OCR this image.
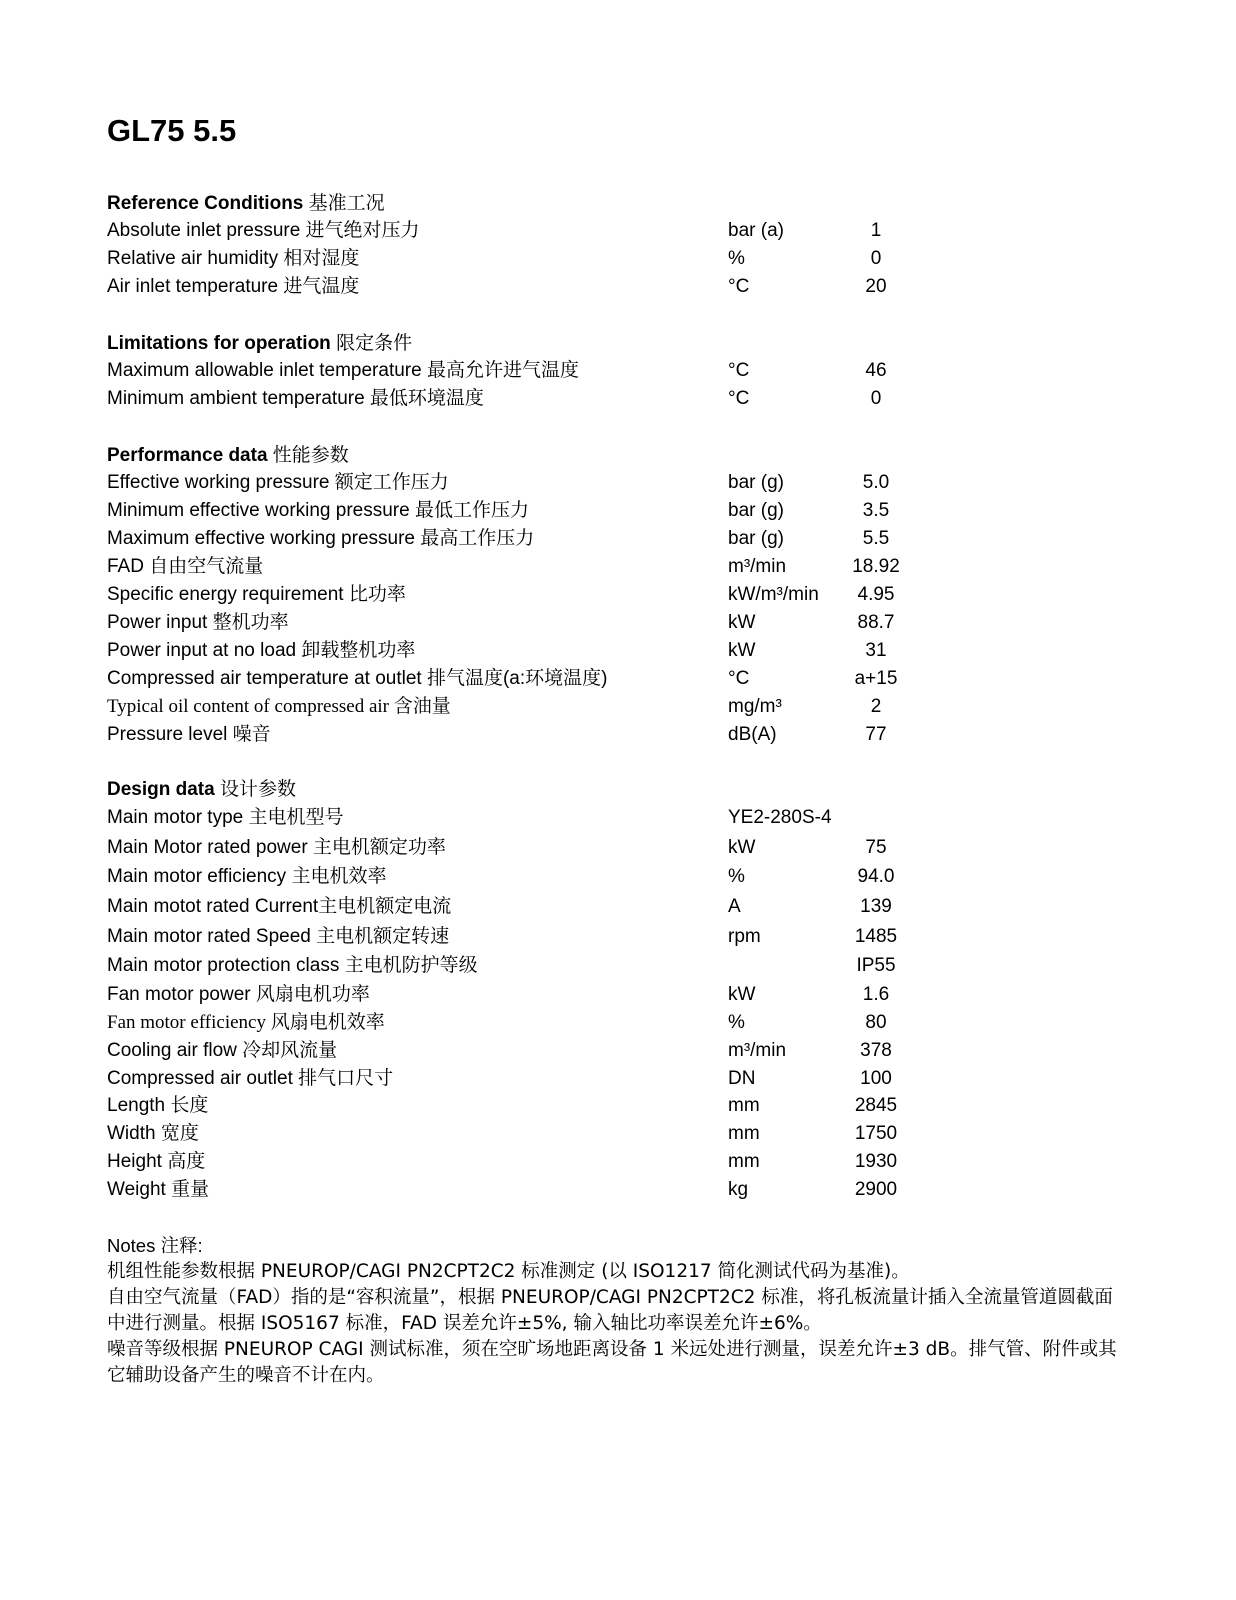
GL75 5.5
Reference Conditions 基准工况
Absolute inlet pressure 进气绝对压力	bar (a)	1
Relative air humidity 相对湿度	%	0
Air inlet temperature 进气温度	°C	20
Limitations for operation 限定条件
Maximum allowable inlet temperature 最高允许进气温度	°C	46
Minimum ambient temperature 最低环境温度	°C	0
Performance data 性能参数
Effective working pressure 额定工作压力	bar (g)	5.0
Minimum effective working pressure 最低工作压力	bar (g)	3.5
Maximum effective working pressure 最高工作压力	bar (g)	5.5
FAD 自由空气流量	m³/min	18.92
Specific energy requirement 比功率	kW/m³/min	4.95
Power input 整机功率	kW	88.7
Power input at no load 卸载整机功率	kW	31
Compressed air temperature at outlet 排气温度(a:环境温度)	°C	a+15
Typical oil content of compressed air 含油量	mg/m³	2
Pressure level 噪音	dB(A)	77
Design data 设计参数
Main motor type 主电机型号	YE2-280S-4
Main Motor rated power 主电机额定功率	kW	75
Main motor efficiency 主电机效率	%	94.0
Main motot rated Current主电机额定电流	A	139
Main motor rated Speed 主电机额定转速	rpm	1485
Main motor protection class 主电机防护等级	IP55
Fan motor power 风扇电机功率	kW	1.6
Fan motor efficiency 风扇电机效率	%	80
Cooling air flow 冷却风流量	m³/min	378
Compressed air outlet 排气口尺寸	DN	100
Length 长度	mm	2845
Width 宽度	mm	1750
Height 高度	mm	1930
Weight 重量	kg	2900

Notes 注释:

机组性能参数根据 PNEUROP/CAGI PN2CPT2C2 标准测定 (以 ISO1217 简化测试代码为基准)。

自由空气流量（FAD）指的是“容积流量”，根据 PNEUROP/CAGI PN2CPT2C2 标准，将孔板流量计插入全流量管道圆截面中进行测量。根据 ISO5167 标准，FAD 误差允许±5%, 输入轴比功率误差允许±6%。

噪音等级根据 PNEUROP CAGI 测试标准，须在空旷场地距离设备 1 米远处进行测量，误差允许±3 dB。排气管、附件或其它辅助设备产生的噪音不计在内。
